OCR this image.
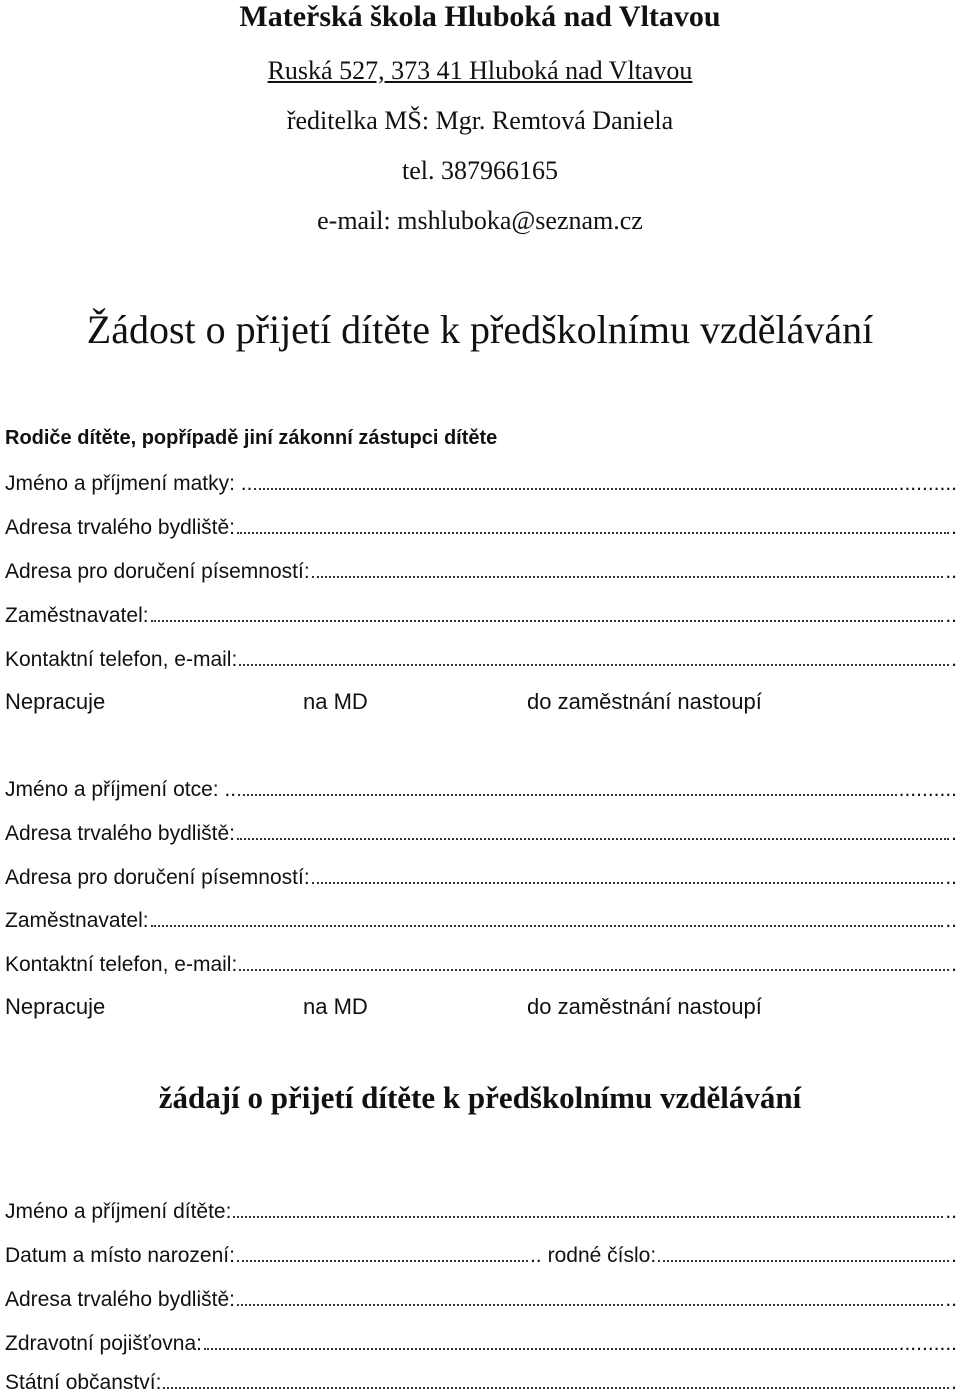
Mateřská škola Hluboká nad Vltavou
Ruská 527, 373 41 Hluboká nad Vltavou
ředitelka MŠ: Mgr. Remtová Daniela
tel. 387966165
e-mail: mshluboka@seznam.cz
Žádost o přijetí dítěte k předškolnímu vzdělávání
Rodiče dítěte, popřípadě jiní zákonní zástupci dítěte
Jméno a příjmení matky: ..	..........
Adresa trvalého bydliště:	.
Adresa pro doručení písemností:	..
Zaměstnavatel:	..
Kontaktní telefon, e-mail:	.
Nepracuje	na MD	do zaměstnání nastoupí
Jméno a příjmení otce: ..	..........
Adresa trvalého bydliště:	.
Adresa pro doručení písemností:	..
Zaměstnavatel:	..
Kontaktní telefon, e-mail:	.
Nepracuje	na MD	do zaměstnání nastoupí
žádají o přijetí dítěte k předškolnímu vzdělávání
Jméno a příjmení dítěte:	..
Datum a místo narození:	.. rodné číslo:	.
Adresa trvalého bydliště:	..
Zdravotní pojišťovna:	..........
Státní občanství:	.
